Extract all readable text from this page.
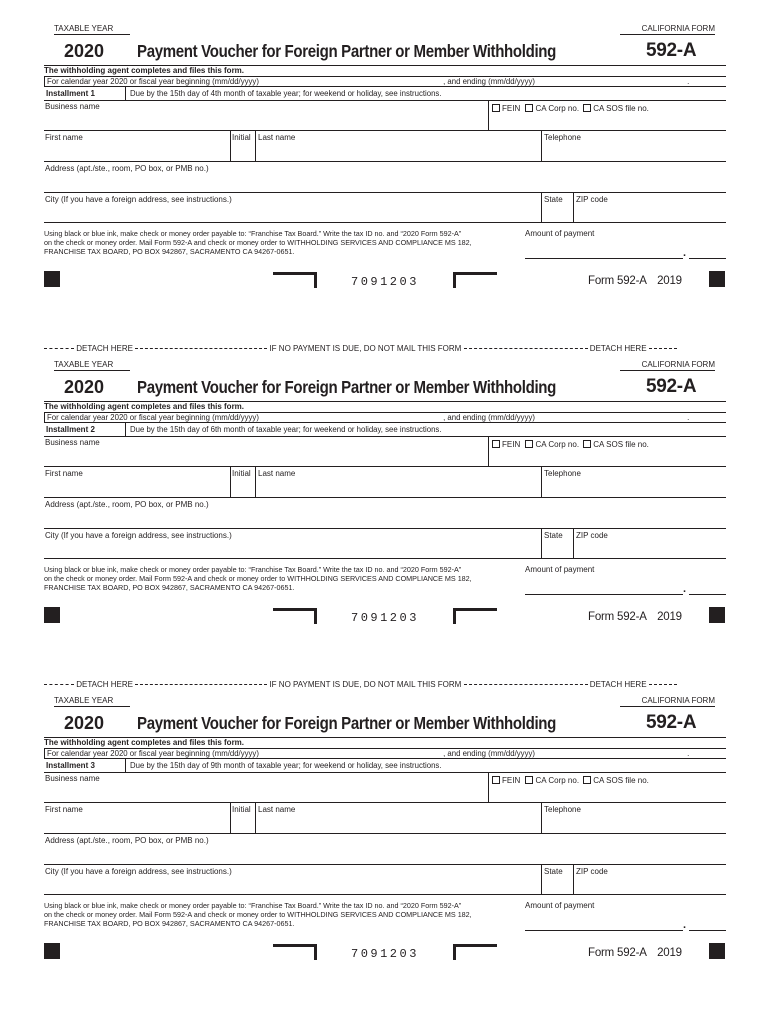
TAXABLE YEAR	CALIFORNIA FORM
2020 Payment Voucher for Foreign Partner or Member Withholding	592-A
The withholding agent completes and files this form.
For calendar year 2020 or fiscal year beginning (mm/dd/yyyy)	, and ending (mm/dd/yyyy)	.
Installment 1	Due by the 15th day of 4th month of taxable year; for weekend or holiday, see instructions.
Business name	FEIN CA Corp no. CA SOS file no.
First name	Initial Last name	Telephone
Address (apt./ste., room, PO box, or PMB no.)
City (If you have a foreign address, see instructions.)	State ZIP code
Using black or blue ink, make check or money order payable to: “Franchise Tax Board.” Write the tax ID no. and “2020 Form 592-A”
on the check or money order. Mail Form 592-A and check or money order to WITHHOLDING SERVICES AND COMPLIANCE MS 182,
FRANCHISE TAX BOARD, PO BOX 942867, SACRAMENTO CA 94267-0651.
Amount of payment
.
7091203	Form 592-A 2019
TAXABLE YEAR	CALIFORNIA FORM
2020 Payment Voucher for Foreign Partner or Member Withholding	592-A
The withholding agent completes and files this form.
For calendar year 2020 or fiscal year beginning (mm/dd/yyyy)	, and ending (mm/dd/yyyy)	.
Installment 2	Due by the 15th day of 6th month of taxable year; for weekend or holiday, see instructions.
Business name	FEIN CA Corp no. CA SOS file no.
First name	Initial Last name	Telephone
Address (apt./ste., room, PO box, or PMB no.)
City (If you have a foreign address, see instructions.)	State ZIP code
Using black or blue ink, make check or money order payable to: “Franchise Tax Board.” Write the tax ID no. and “2020 Form 592-A”
on the check or money order. Mail Form 592-A and check or money order to WITHHOLDING SERVICES AND COMPLIANCE MS 182,
FRANCHISE TAX BOARD, PO BOX 942867, SACRAMENTO CA 94267-0651.
Amount of payment
.
7091203	Form 592-A 2019
TAXABLE YEAR	CALIFORNIA FORM
2020 Payment Voucher for Foreign Partner or Member Withholding	592-A
The withholding agent completes and files this form.
For calendar year 2020 or fiscal year beginning (mm/dd/yyyy)	, and ending (mm/dd/yyyy)	.
Installment 3	Due by the 15th day of 9th month of taxable year; for weekend or holiday, see instructions.
Business name	FEIN CA Corp no. CA SOS file no.
First name	Initial Last name	Telephone
Address (apt./ste., room, PO box, or PMB no.)
City (If you have a foreign address, see instructions.)	State ZIP code
Using black or blue ink, make check or money order payable to: “Franchise Tax Board.” Write the tax ID no. and “2020 Form 592-A”
on the check or money order. Mail Form 592-A and check or money order to WITHHOLDING SERVICES AND COMPLIANCE MS 182,
FRANCHISE TAX BOARD, PO BOX 942867, SACRAMENTO CA 94267-0651.
Amount of payment
.
7091203	Form 592-A 2019
DETACH HERE	IF NO PAYMENT IS DUE, DO NOT MAIL THIS FORM	DETACH HERE
DETACH HERE	IF NO PAYMENT IS DUE, DO NOT MAIL THIS FORM	DETACH HERE
